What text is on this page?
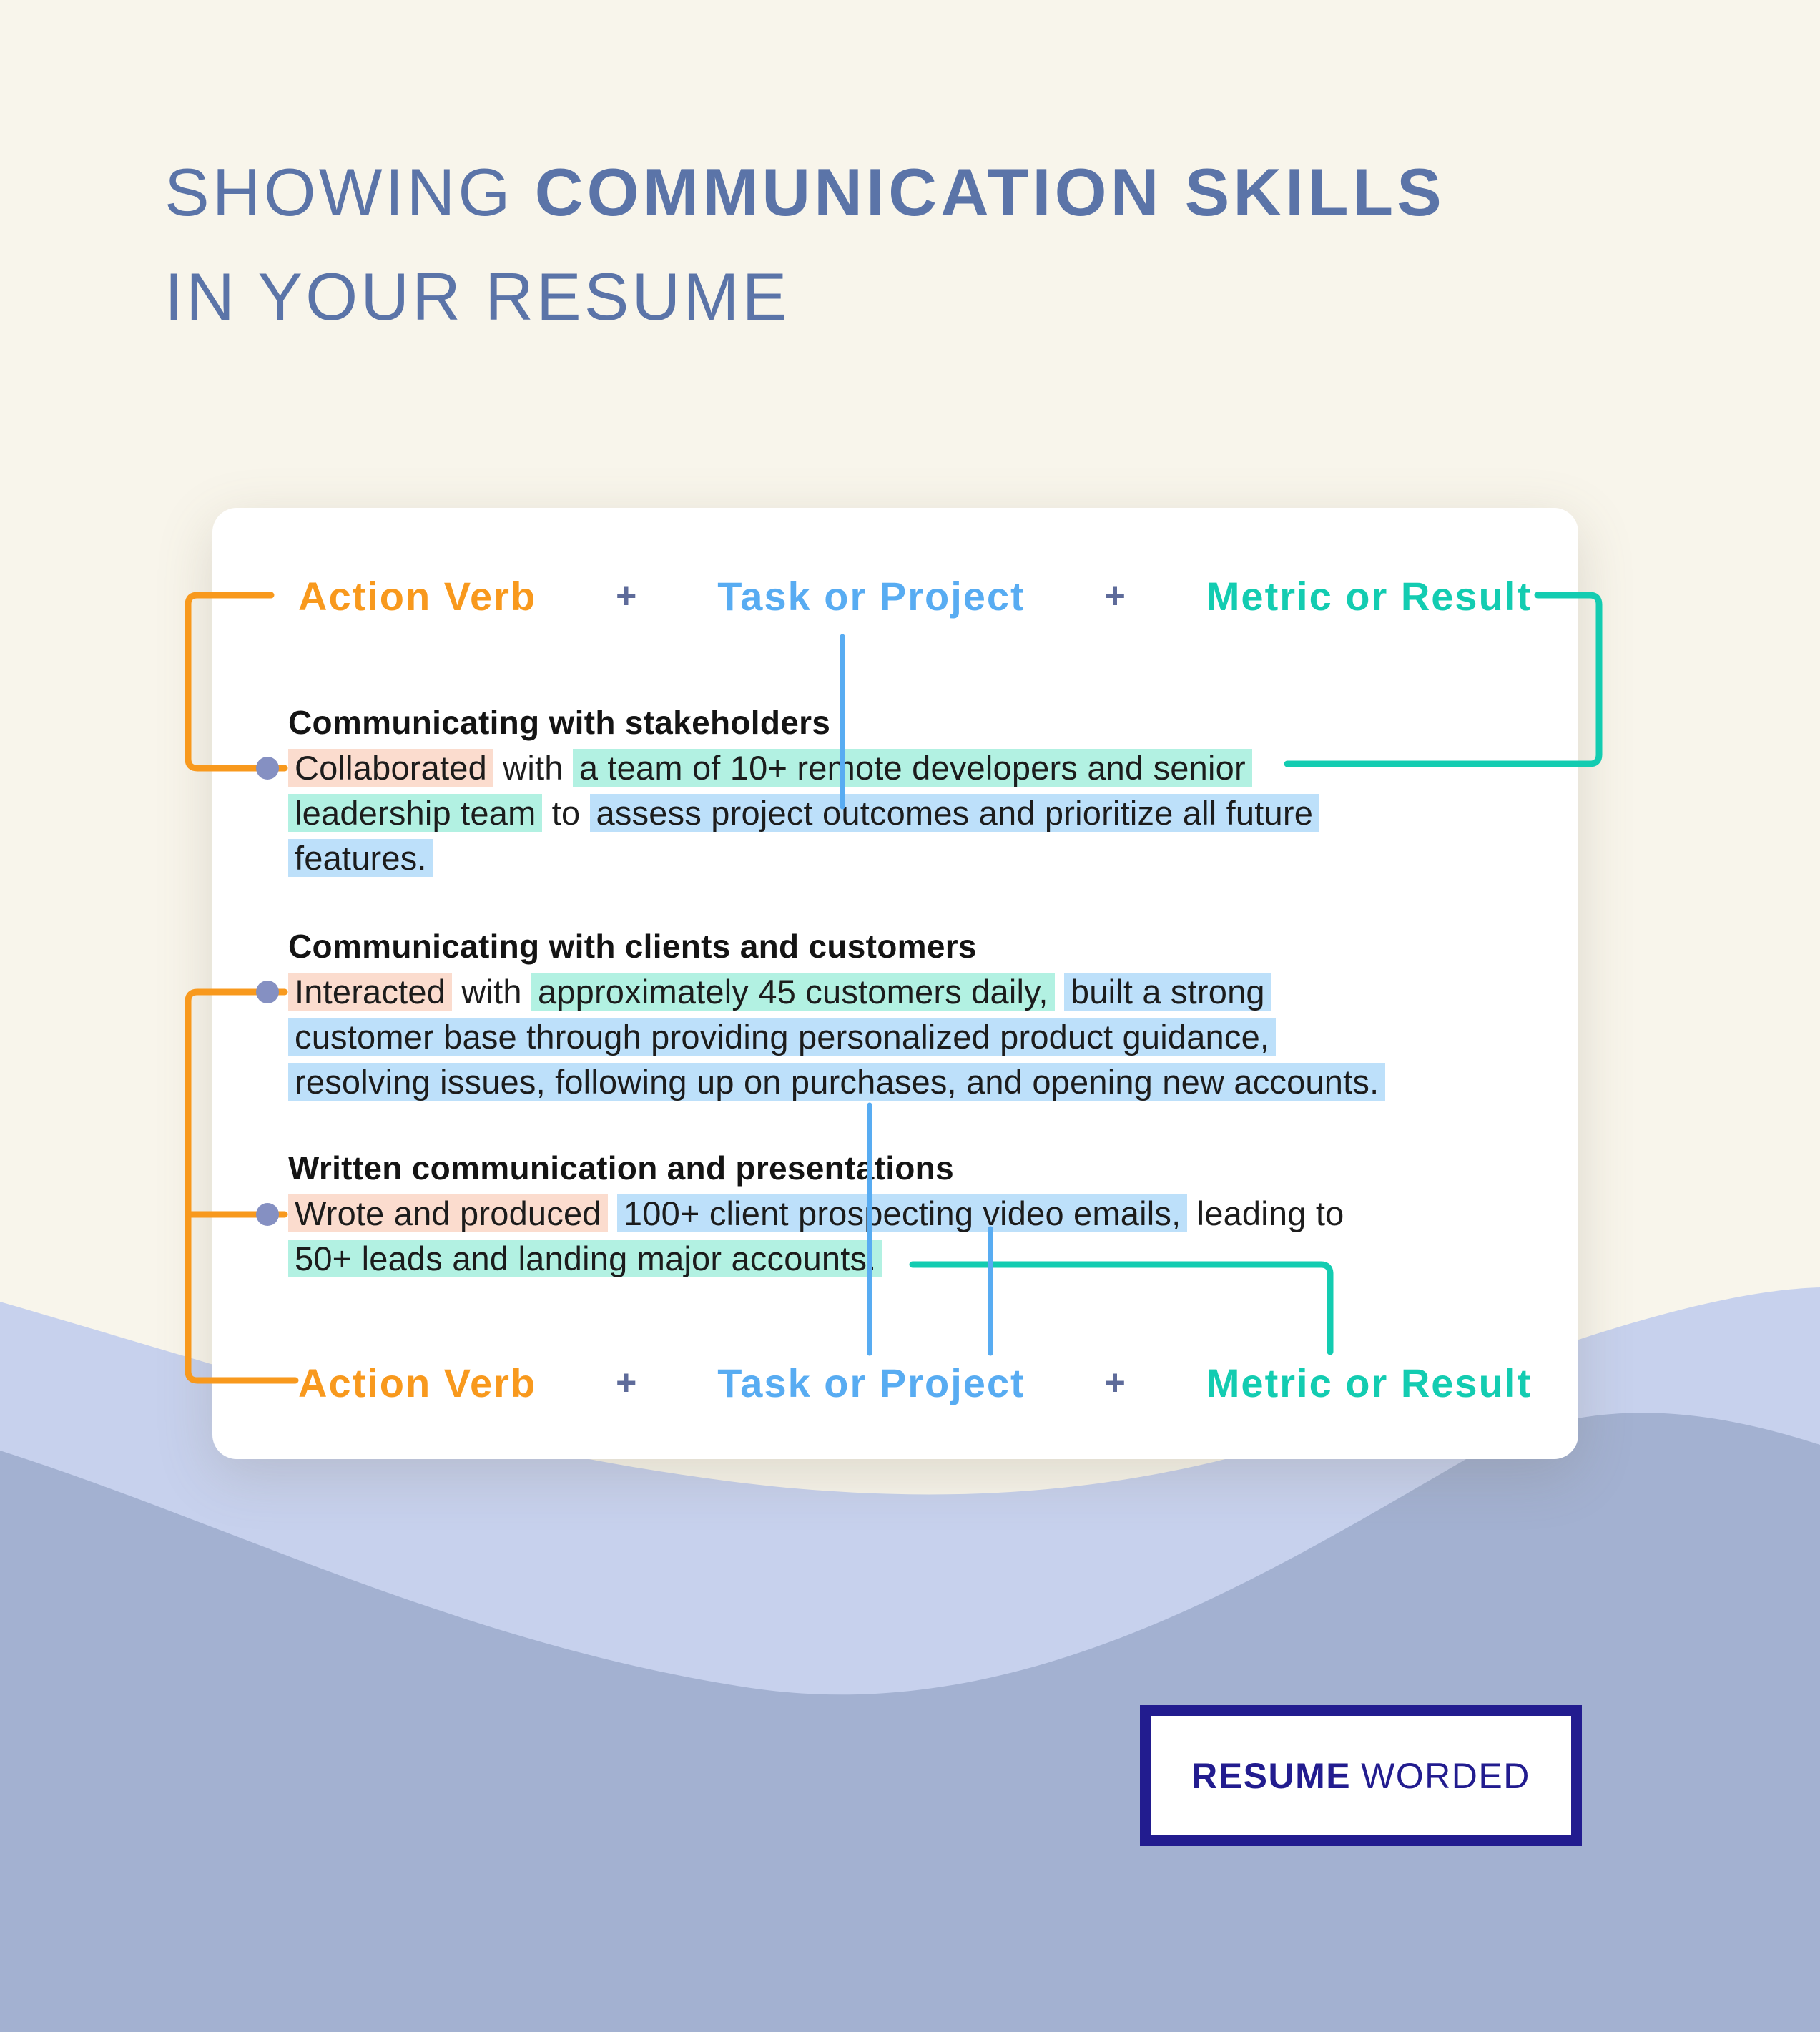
SHOWING COMMUNICATION SKILLS
IN YOUR RESUME
Action Verb + Task or Project + Metric or Result
Communicating with stakeholders
Collaborated with a team of 10+ remote developers and senior
leadership team to assess project outcomes and prioritize all future
features.
Communicating with clients and customers
Interacted with approximately 45 customers daily, built a strong
customer base through providing personalized product guidance,
resolving issues, following up on purchases, and opening new accounts.
Written communication and presentations
Wrote and produced 100+ client prospecting video emails, leading to
50+ leads and landing major accounts.
Action Verb + Task or Project + Metric or Result
RESUME WORDED
